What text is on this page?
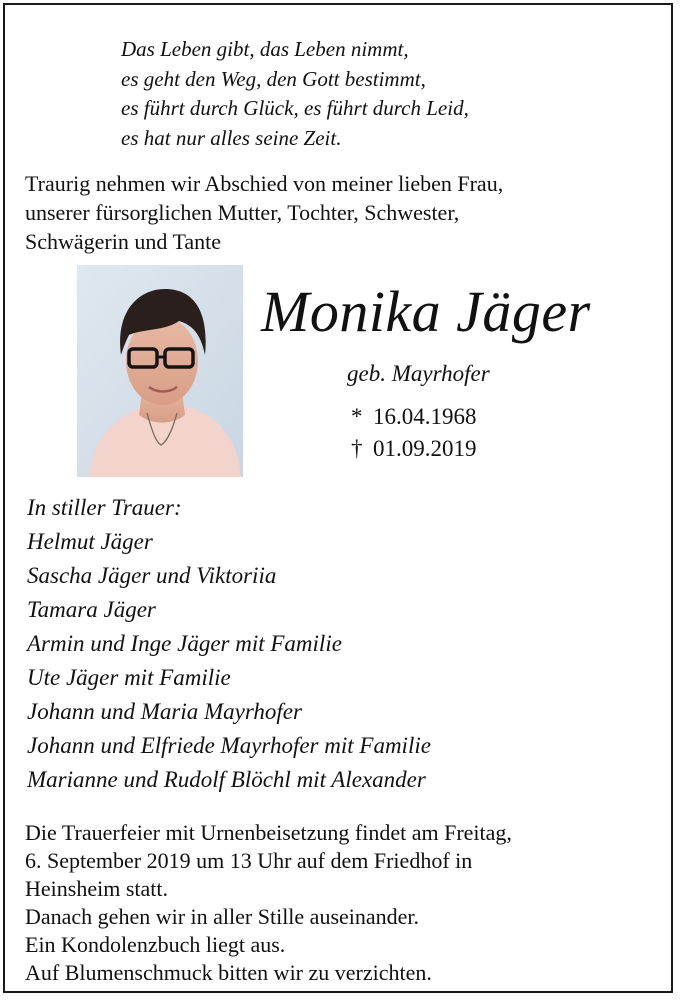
Das Leben gibt, das Leben nimmt,
es geht den Weg, den Gott bestimmt,
es führt durch Glück, es führt durch Leid,
es hat nur alles seine Zeit.
Traurig nehmen wir Abschied von meiner lieben Frau,
unserer fürsorglichen Mutter, Tochter, Schwester,
Schwägerin und Tante
Monika Jäger
geb. Mayrhofer
* 16.04.1968
† 01.09.2019
In stiller Trauer:
Helmut Jäger
Sascha Jäger und Viktoriia
Tamara Jäger
Armin und Inge Jäger mit Familie
Ute Jäger mit Familie
Johann und Maria Mayrhofer
Johann und Elfriede Mayrhofer mit Familie
Marianne und Rudolf Blöchl mit Alexander
Die Trauerfeier mit Urnenbeisetzung findet am Freitag,
6. September 2019 um 13 Uhr auf dem Friedhof in
Heinsheim statt.
Danach gehen wir in aller Stille auseinander.
Ein Kondolenzbuch liegt aus.
Auf Blumenschmuck bitten wir zu verzichten.
